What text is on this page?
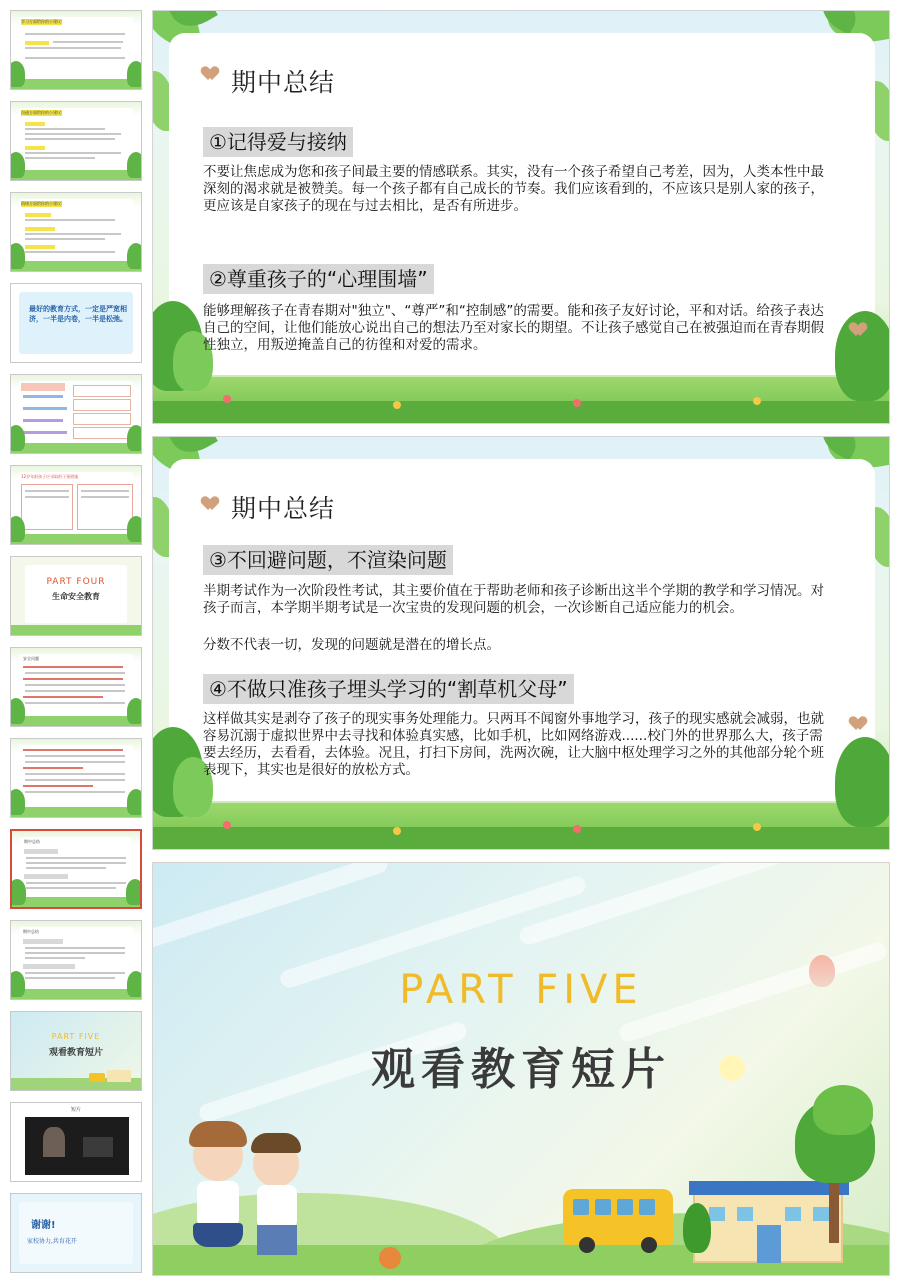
学习方面给你的小建议:
沟通方面给你的小建议:
情绪方面给你的小建议:
最好的教育方式，一定是严宽相济，一半是内卷，一半是松弛。
12岁年龄孩子应采取的干预措施
PART FOUR
生命安全教育
安全问题
期中总结
期中总结
PART FIVE
观看教育短片
短片
谢谢!
家校协力,共育花开
期中总结
①记得爱与接纳
不要让焦虑成为您和孩子间最主要的情感联系。其实，没有一个孩子希望自己考差，因为，人类本性中最深刻的渴求就是被赞美。每一个孩子都有自己成长的节奏。我们应该看到的，不应该只是别人家的孩子，更应该是自家孩子的现在与过去相比，是否有所进步。
②尊重孩子的“心理围墙”
能够理解孩子在青春期对"独立"、“尊严”和“控制感”的需要。能和孩子友好讨论，平和对话。给孩子表达自己的空间，让他们能放心说出自己的想法乃至对家长的期望。不让孩子感觉自己在被强迫而在青春期假性独立，用叛逆掩盖自己的彷徨和对爱的需求。
期中总结
③不回避问题，不渲染问题
半期考试作为一次阶段性考试，其主要价值在于帮助老师和孩子诊断出这半个学期的教学和学习情况。对孩子而言，本学期半期考试是一次宝贵的发现问题的机会，一次诊断自己适应能力的机会。
分数不代表一切，发现的问题就是潜在的增长点。
④不做只准孩子埋头学习的“割草机父母”
这样做其实是剥夺了孩子的现实事务处理能力。只两耳不闻窗外事地学习，孩子的现实感就会减弱，也就容易沉溺于虚拟世界中去寻找和体验真实感，比如手机，比如网络游戏......校门外的世界那么大，孩子需要去经历，去看看，去体验。况且，打扫下房间，洗两次碗，让大脑中枢处理学习之外的其他部分轮个班表现下，其实也是很好的放松方式。
PART FIVE
观看教育短片
